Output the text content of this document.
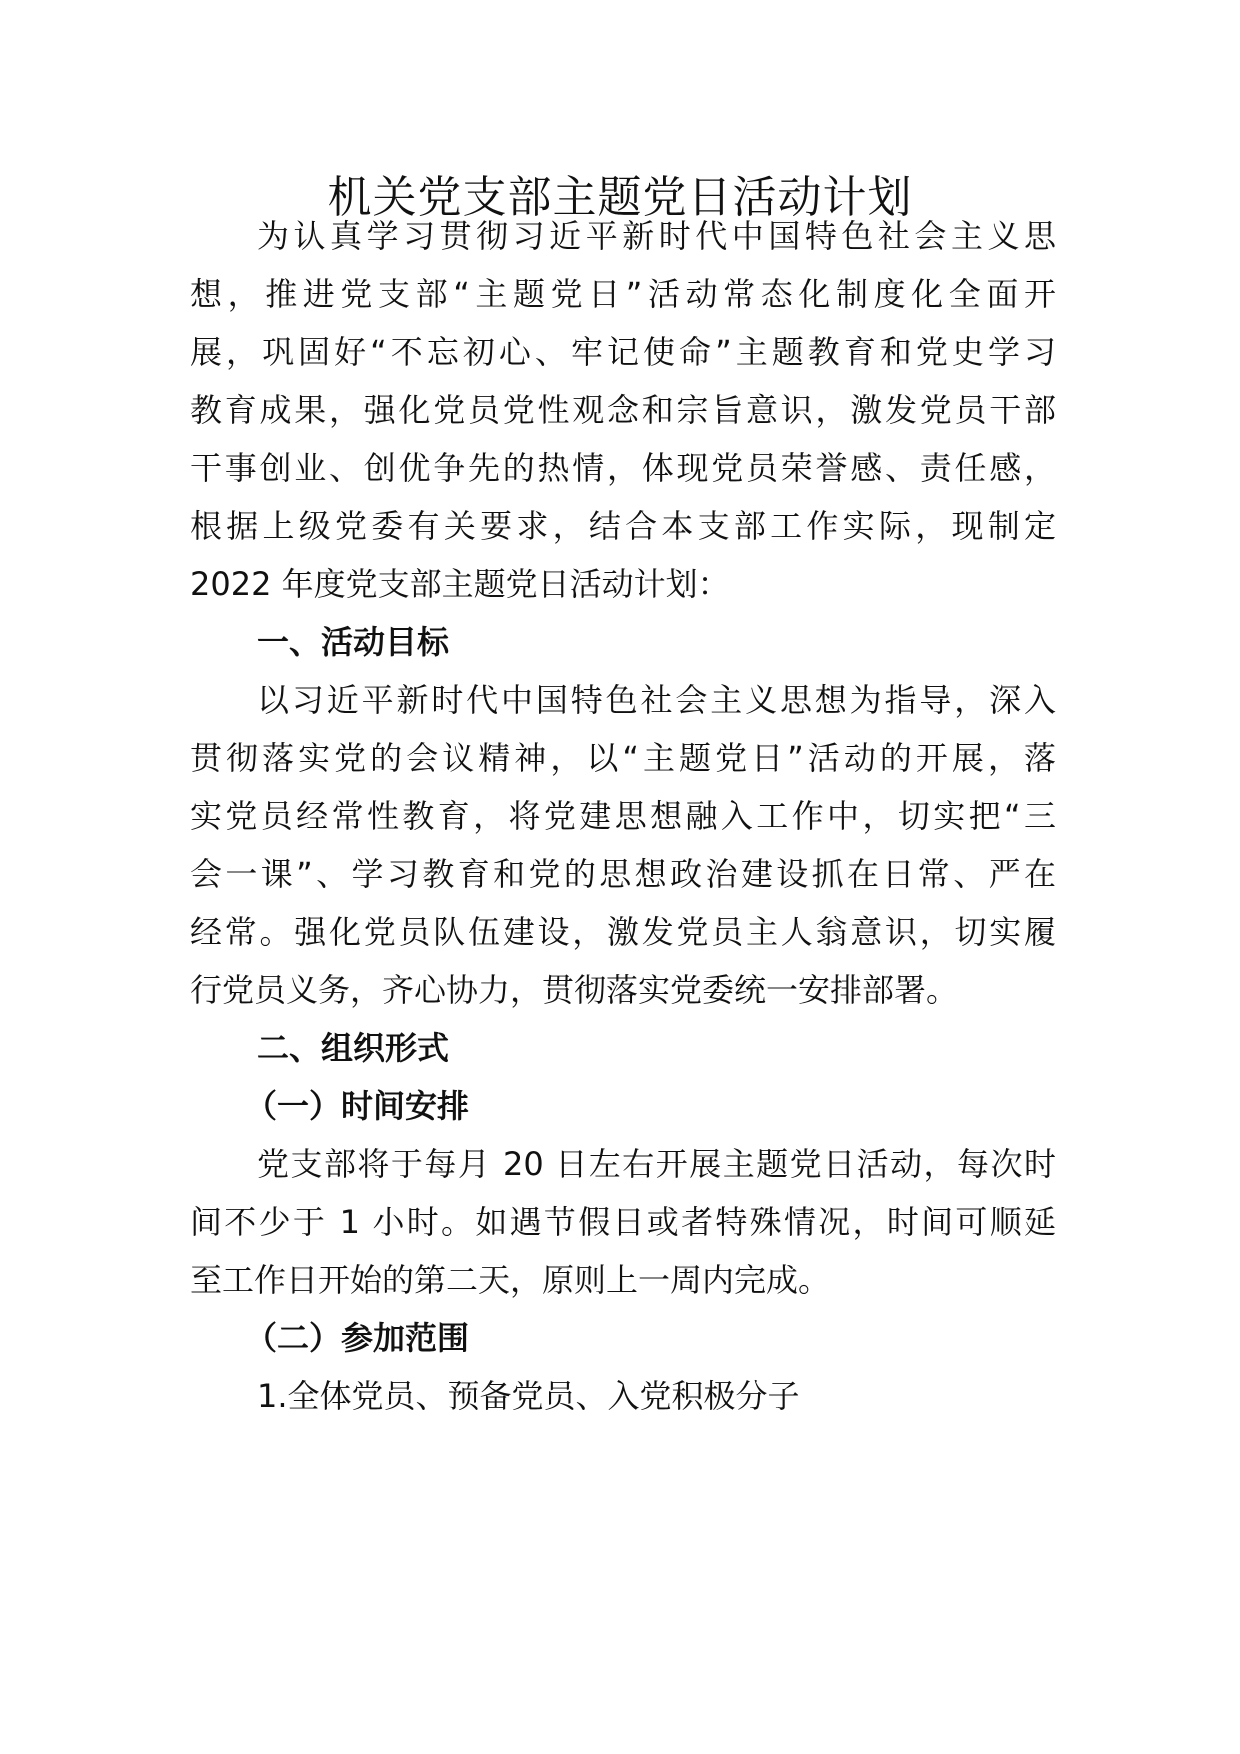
机关党支部主题党日活动计划
为认真学习贯彻习近平新时代中国特色社会主义思
想，推进党支部“主题党日”活动常态化制度化全面开
展，巩固好“不忘初心、牢记使命”主题教育和党史学习
教育成果，强化党员党性观念和宗旨意识，激发党员干部
干事创业、创优争先的热情，体现党员荣誉感、责任感，
根据上级党委有关要求，结合本支部工作实际，现制定
2022 年度党支部主题党日活动计划：
一、活动目标
以习近平新时代中国特色社会主义思想为指导，深入
贯彻落实党的会议精神，以“主题党日”活动的开展，落
实党员经常性教育，将党建思想融入工作中，切实把“三
会一课”、学习教育和党的思想政治建设抓在日常、严在
经常。强化党员队伍建设，激发党员主人翁意识，切实履
行党员义务，齐心协力，贯彻落实党委统一安排部署。
二、组织形式
（一）时间安排
党支部将于每月 20 日左右开展主题党日活动，每次时
间不少于 1 小时。如遇节假日或者特殊情况，时间可顺延
至工作日开始的第二天，原则上一周内完成。
（二）参加范围
1.全体党员、预备党员、入党积极分子
